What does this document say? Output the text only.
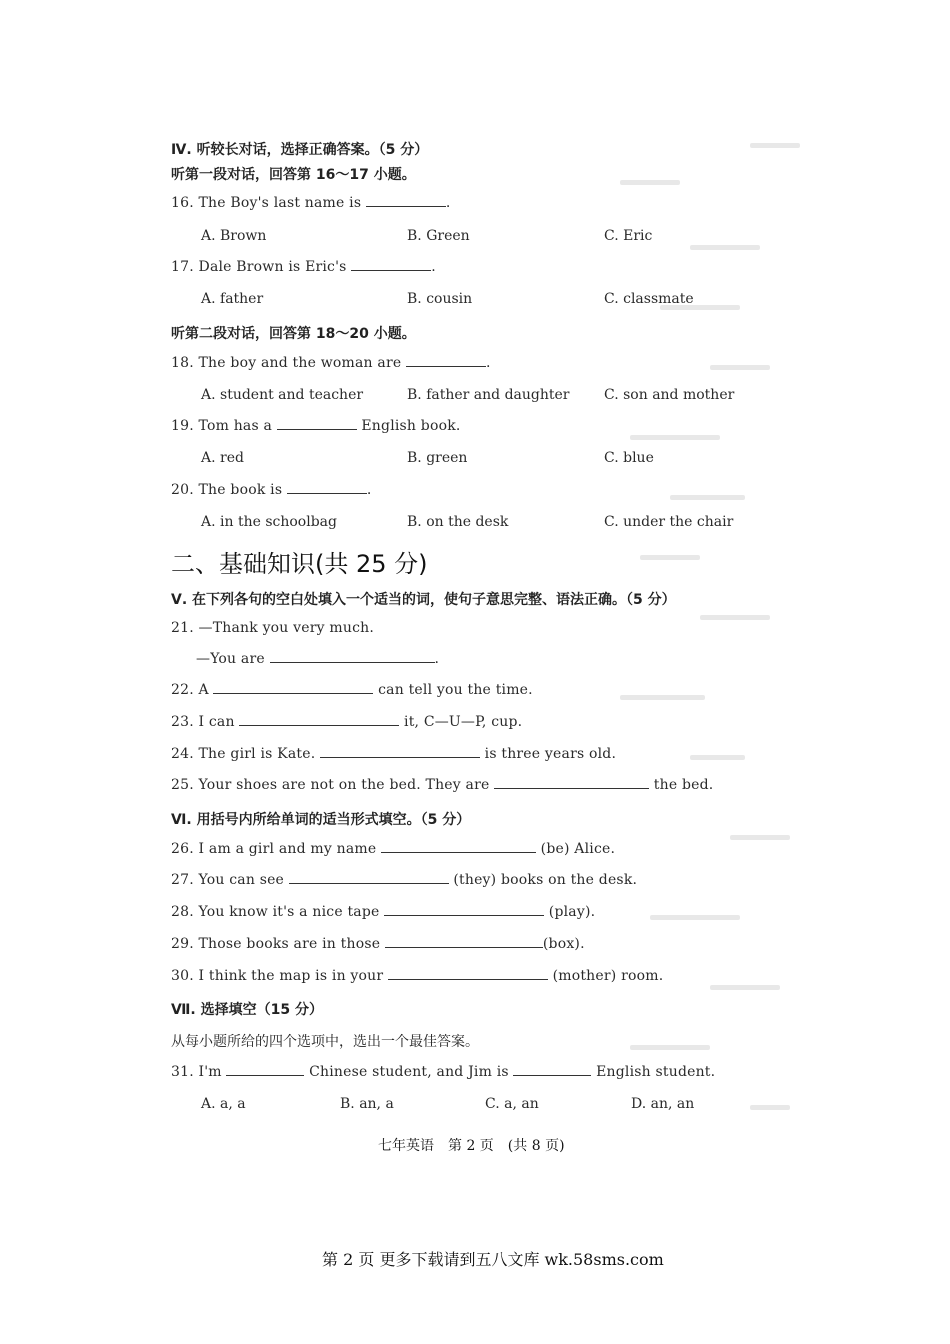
Ⅳ. 听较长对话，选择正确答案。（5 分）
听第一段对话，回答第 16～17 小题。
16. The Boy's last name is	.
A. Brown	B. Green	C. Eric
17. Dale Brown is Eric's	.
A. father	B. cousin	C. classmate
听第二段对话，回答第 18～20 小题。
18. The boy and the woman are	.
A. student and teacher	B. father and daughter C. son and mother
19. Tom has a	English book.
A. red	B. green	C. blue
20. The book is	.
A. in the schoolbag	B. on the desk	C. under the chair
二、基础知识(共 25 分)
Ⅴ. 在下列各句的空白处填入一个适当的词，使句子意思完整、语法正确。（5 分）
21. —Thank you very much.
—You are	.
22. A	can tell you the time.
23. I can	it, C—U—P, cup.
24. The girl is Kate.	is three years old.
25. Your shoes are not on the bed. They are	the bed.
Ⅵ. 用括号内所给单词的适当形式填空。（5 分）
26. I am a girl and my name	(be) Alice.
27. You can see	(they) books on the desk.
28. You know it's a nice tape	(play).
29. Those books are in those	(box).
30. I think the map is in your	(mother) room.
Ⅶ. 选择填空（15 分）
从每小题所给的四个选项中，选出一个最佳答案。
31. I'm	Chinese student, and Jim is	English student.
A. a, a	B. an, a	C. a, an	D. an, an
七年英语　第 2 页　(共 8 页)
第 2 页 更多下载请到五八文库 wk.58sms.com
